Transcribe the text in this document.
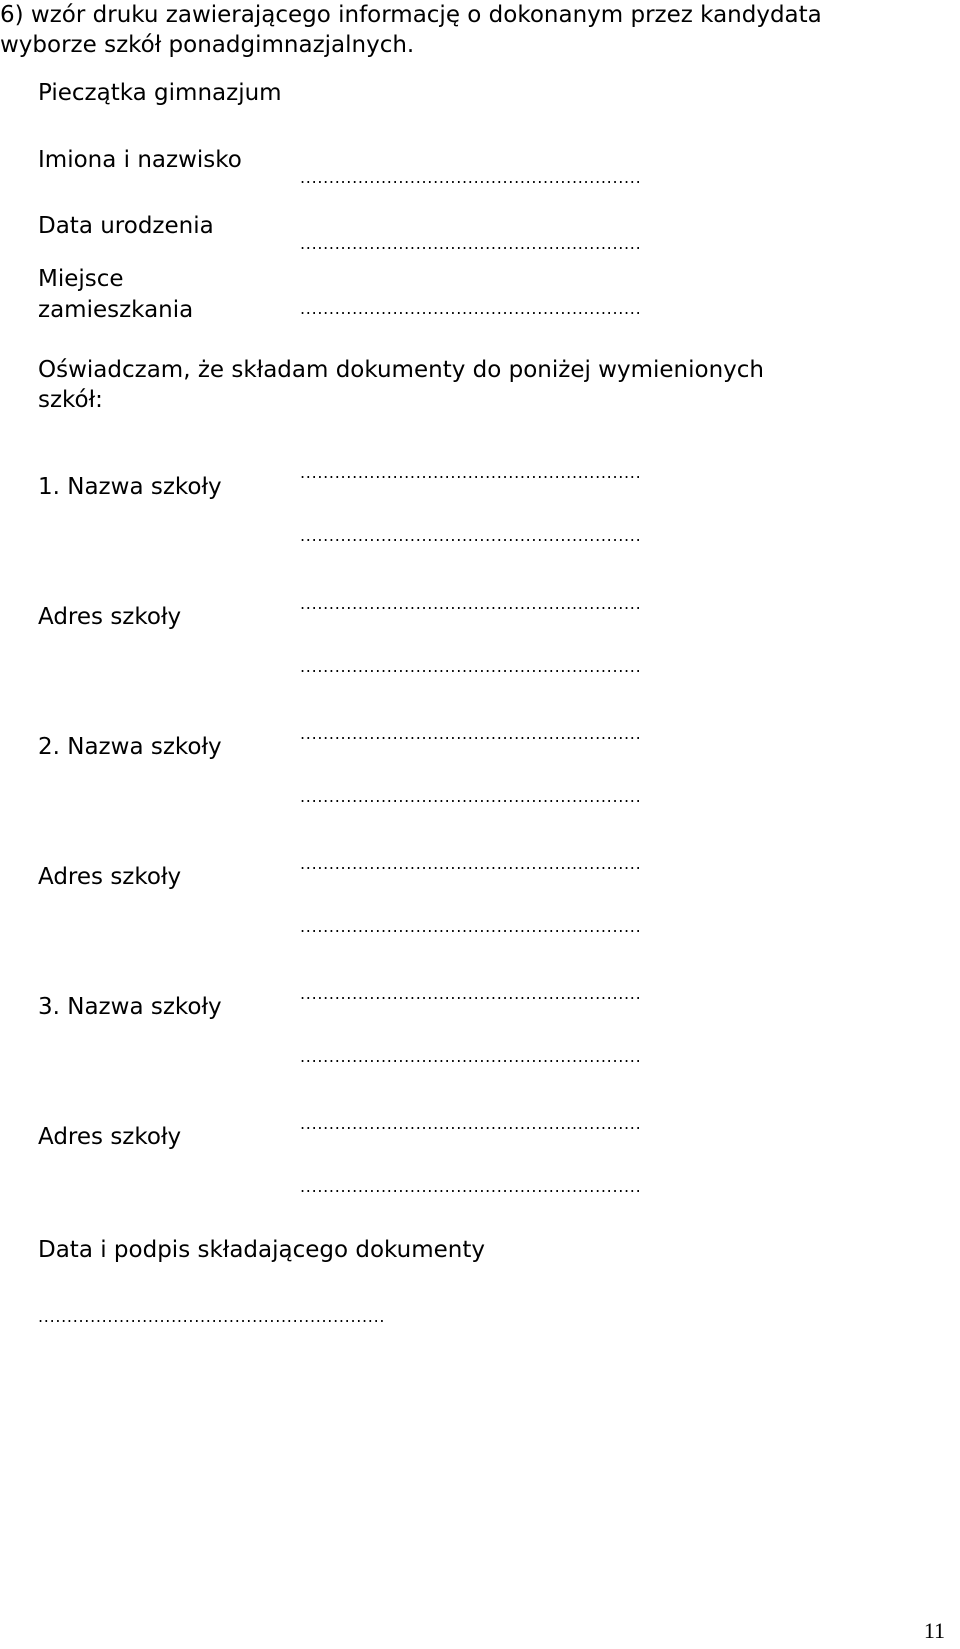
6) wzór druku zawierającego informację o dokonanym przez kandydata
wyborze szkół ponadgimnazjalnych.
Pieczątka gimnazjum
Imiona i nazwisko
...........................................................
Data urodzenia
...........................................................
Miejsce
zamieszkania	...........................................................
Oświadczam, że składam dokumenty do poniżej wymienionych
szkół:
1. Nazwa szkoły
...........................................................
...........................................................
Adres szkoły
...........................................................
...........................................................
2. Nazwa szkoły
...........................................................
...........................................................
Adres szkoły
...........................................................
...........................................................
3. Nazwa szkoły
...........................................................
...........................................................
Adres szkoły
...........................................................
...........................................................
Data i podpis składającego dokumenty
............................................................
11
